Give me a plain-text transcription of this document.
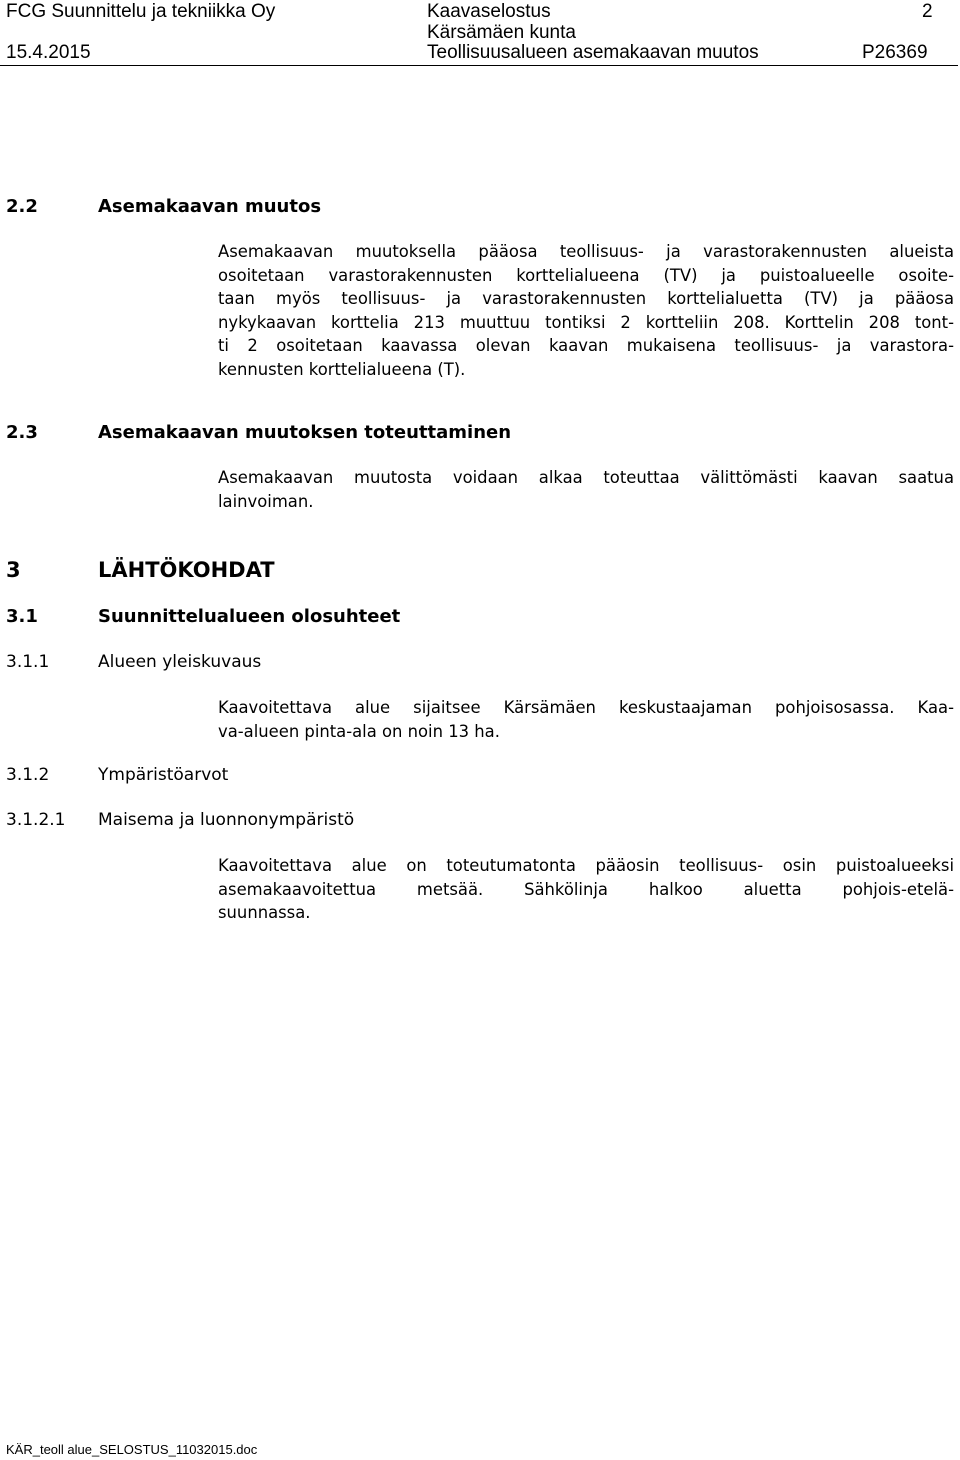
FCG Suunnittelu ja tekniikka Oy
15.4.2015
Kaavaselostus
Kärsämäen kunta
Teollisuusalueen asemakaavan muutos	P26369
2
2.2	Asemakaavan muutos
Asemakaavan muutoksella pääosa teollisuus- ja varastorakennusten alueista
osoitetaan varastorakennusten korttelialueena (TV) ja puistoalueelle osoite-
taan myös teollisuus- ja varastorakennusten korttelialuetta (TV) ja pääosa
nykykaavan korttelia 213 muuttuu tontiksi 2 kortteliin 208. Korttelin 208 tont-
ti 2 osoitetaan kaavassa olevan kaavan mukaisena teollisuus- ja varastora-
kennusten korttelialueena (T).
2.3	Asemakaavan muutoksen toteuttaminen
Asemakaavan muutosta voidaan alkaa toteuttaa välittömästi kaavan saatua
lainvoiman.
3	LÄHTÖKOHDAT
3.1	Suunnittelualueen olosuhteet
3.1.1	Alueen yleiskuvaus
Kaavoitettava alue sijaitsee Kärsämäen keskustaajaman pohjoisosassa. Kaa-
va-alueen pinta-ala on noin 13 ha.
3.1.2	Ympäristöarvot
3.1.2.1 Maisema ja luonnonympäristö
Kaavoitettava alue on toteutumatonta pääosin teollisuus- osin puistoalueeksi
asemakaavoitettua metsää. Sähkölinja halkoo aluetta pohjois-etelä-
suunnassa.
KÄR_teoll alue_SELOSTUS_11032015.doc
